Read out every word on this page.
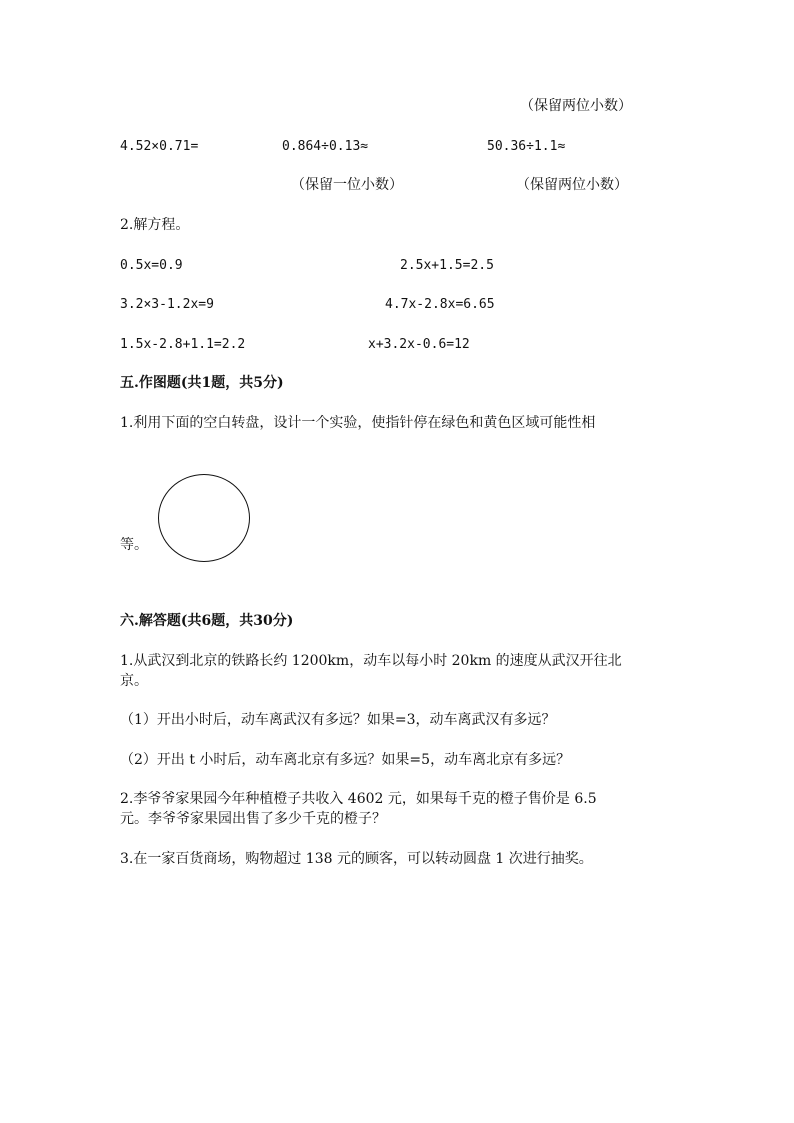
（保留两位小数）
4.52×0.71=	0.864÷0.13≈	50.36÷1.1≈
（保留一位小数）	（保留两位小数）
2.解方程。
0.5x=0.9	2.5x+1.5=2.5
3.2×3-1.2x=9	4.7x-2.8x=6.65
1.5x-2.8+1.1=2.2	x+3.2x-0.6=12
五.作图题(共1题，共5分)
1.利用下面的空白转盘，设计一个实验，使指针停在绿色和黄色区域可能性相
等。
六.解答题(共6题，共30分)
1.从武汉到北京的铁路长约 1200km，动车以每小时 20km 的速度从武汉开往北
京。
（1）开出小时后，动车离武汉有多远？如果=3，动车离武汉有多远？
（2）开出 t 小时后，动车离北京有多远？如果=5，动车离北京有多远？
2.李爷爷家果园今年种植橙子共收入 4602 元，如果每千克的橙子售价是 6.5
元。李爷爷家果园出售了多少千克的橙子？
3.在一家百货商场，购物超过 138 元的顾客，可以转动圆盘 1 次进行抽奖。
